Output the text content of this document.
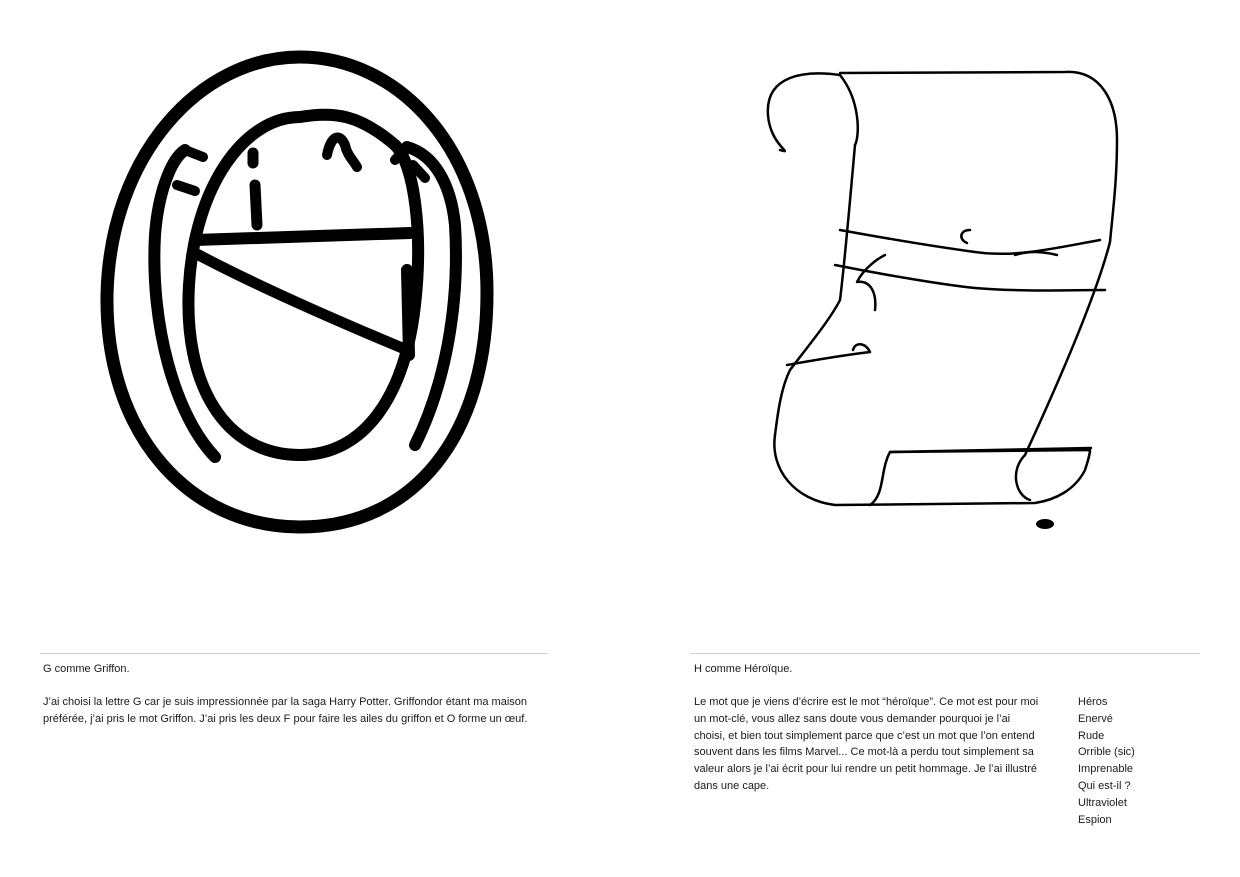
G comme Griffon.

J’ai choisi la lettre G car je suis impressionnée par la saga Harry Potter. Griffondor étant ma maison préférée, j’ai pris le mot Griffon. J’ai pris les deux F pour faire les ailes du griffon et O forme un œuf.

H comme Héroïque.

Le mot que je viens d’écrire est le mot “héroïque”. Ce mot est pour moi un mot-clé, vous allez sans doute vous demander pourquoi je l’ai choisi, et bien tout simplement parce que c’est un mot que l’on entend souvent dans les films Marvel... Ce mot-là a perdu tout simplement sa valeur alors je l’ai écrit pour lui rendre un petit hommage. Je l’ai illustré dans une cape.

Héros
Enervé
Rude
Orrible (sic)
Imprenable
Qui est-il ?
Ultraviolet
Espion
